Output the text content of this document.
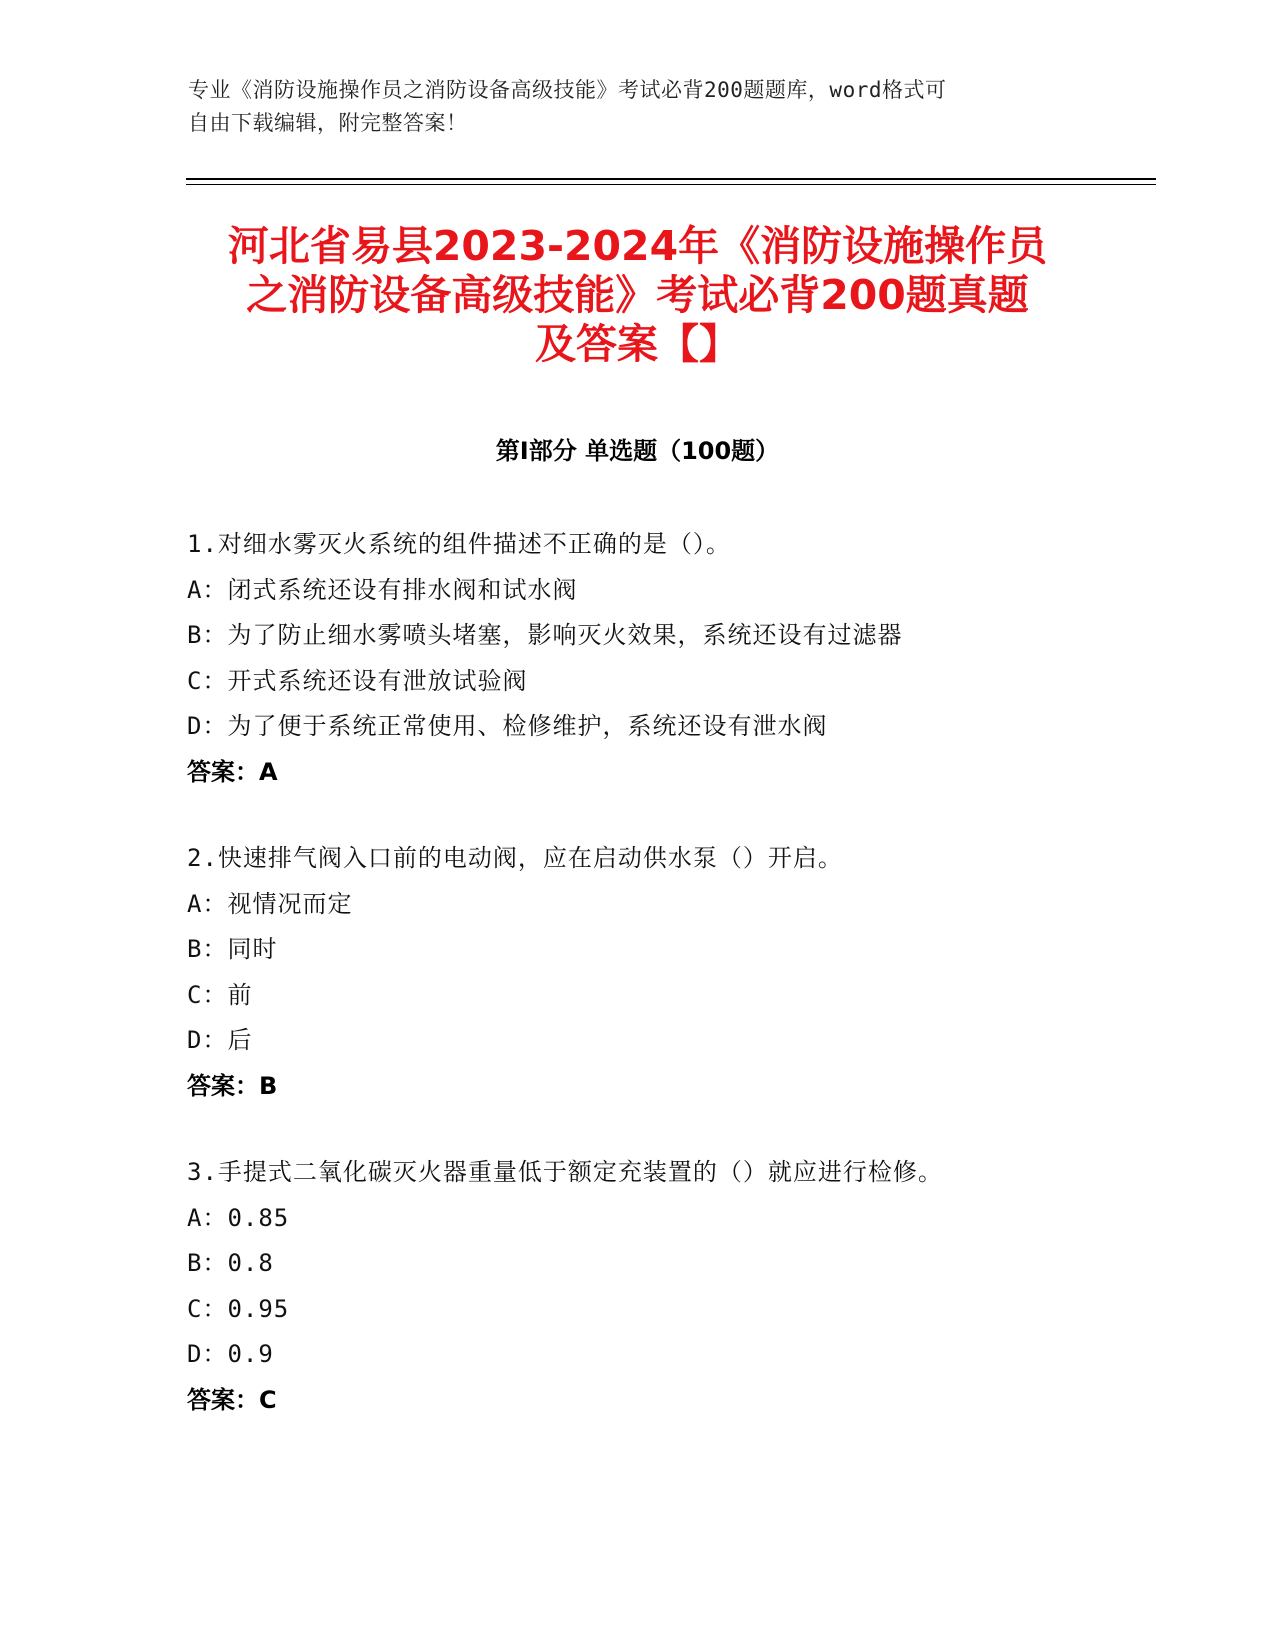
专业《消防设施操作员之消防设备高级技能》考试必背200题题库，word格式可
自由下载编辑，附完整答案！
河北省易县2023-2024年《消防设施操作员
之消防设备高级技能》考试必背200题真题
及答案【】
第I部分 单选题（100题）
1.对细水雾灭火系统的组件描述不正确的是（）。
A：闭式系统还设有排水阀和试水阀
B：为了防止细水雾喷头堵塞，影响灭火效果，系统还设有过滤器
C：开式系统还设有泄放试验阀
D：为了便于系统正常使用、检修维护，系统还设有泄水阀
答案：A
2.快速排气阀入口前的电动阀，应在启动供水泵（）开启。
A：视情况而定
B：同时
C：前
D：后
答案：B
3.手提式二氧化碳灭火器重量低于额定充装置的（）就应进行检修。
A：0.85
B：0.8
C：0.95
D：0.9
答案：C
